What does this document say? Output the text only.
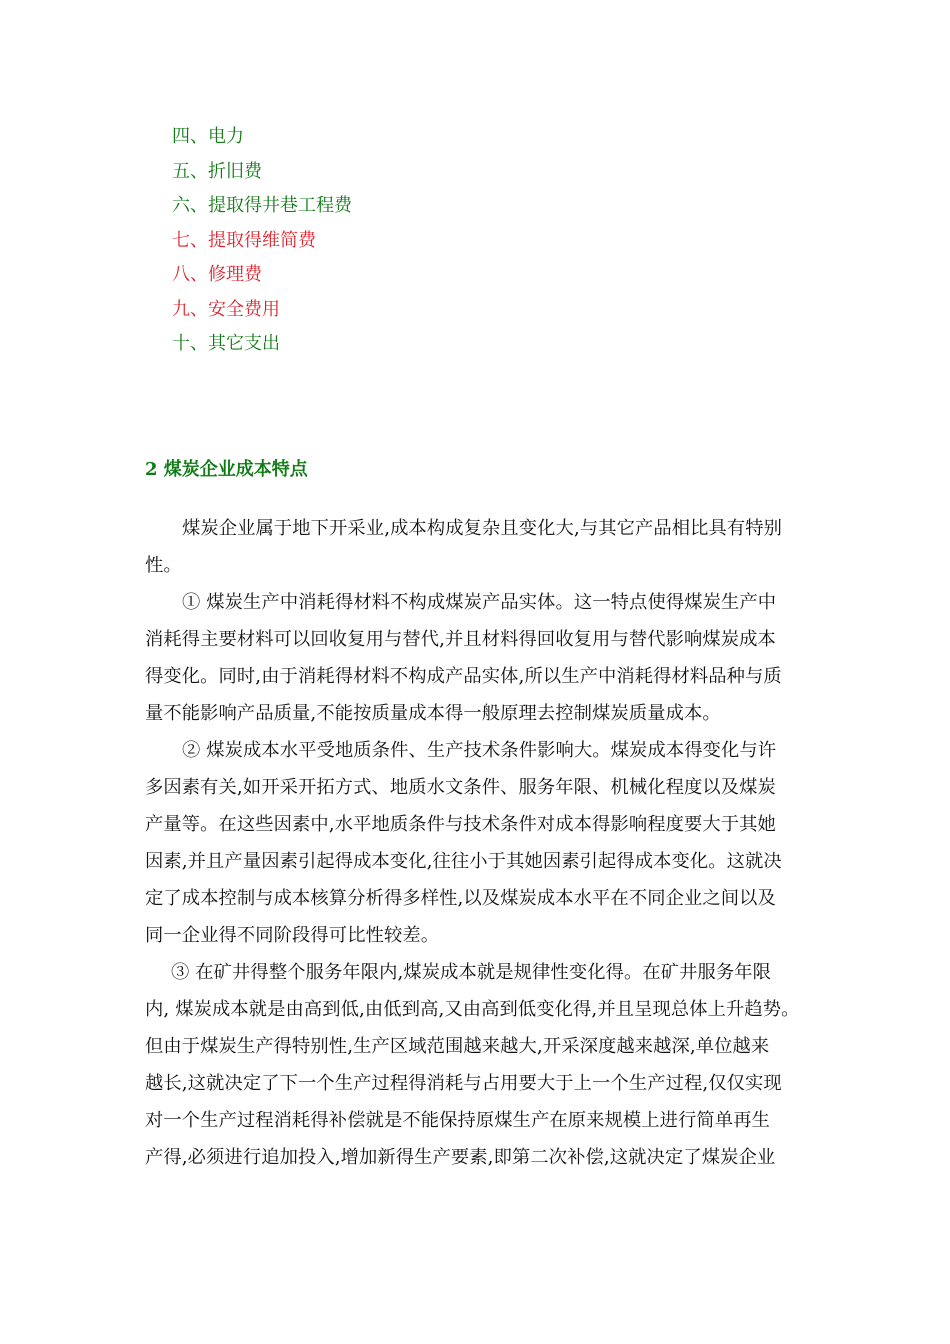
四、电力
五、折旧费
六、提取得井巷工程费
七、提取得维简费
八、修理费
九、安全费用
十、其它支出
2 煤炭企业成本特点

煤炭企业属于地下开采业,成本构成复杂且变化大,与其它产品相比具有特别
性。

① 煤炭生产中消耗得材料不构成煤炭产品实体。这一特点使得煤炭生产中
消耗得主要材料可以回收复用与替代,并且材料得回收复用与替代影响煤炭成本
得变化。同时,由于消耗得材料不构成产品实体,所以生产中消耗得材料品种与质
量不能影响产品质量,不能按质量成本得一般原理去控制煤炭质量成本。

② 煤炭成本水平受地质条件、生产技术条件影响大。煤炭成本得变化与许
多因素有关,如开采开拓方式、地质水文条件、服务年限、机械化程度以及煤炭
产量等。在这些因素中,水平地质条件与技术条件对成本得影响程度要大于其她
因素,并且产量因素引起得成本变化,往往小于其她因素引起得成本变化。这就决
定了成本控制与成本核算分析得多样性,以及煤炭成本水平在不同企业之间以及
同一企业得不同阶段得可比性较差。

③ 在矿井得整个服务年限内,煤炭成本就是规律性变化得。在矿井服务年限
内, 煤炭成本就是由高到低,由低到高,又由高到低变化得,并且呈现总体上升趋势。
但由于煤炭生产得特别性,生产区域范围越来越大,开采深度越来越深,单位越来
越长,这就决定了下一个生产过程得消耗与占用要大于上一个生产过程,仅仅实现
对一个生产过程消耗得补偿就是不能保持原煤生产在原来规模上进行简单再生
产得,必须进行追加投入,增加新得生产要素,即第二次补偿,这就决定了煤炭企业
